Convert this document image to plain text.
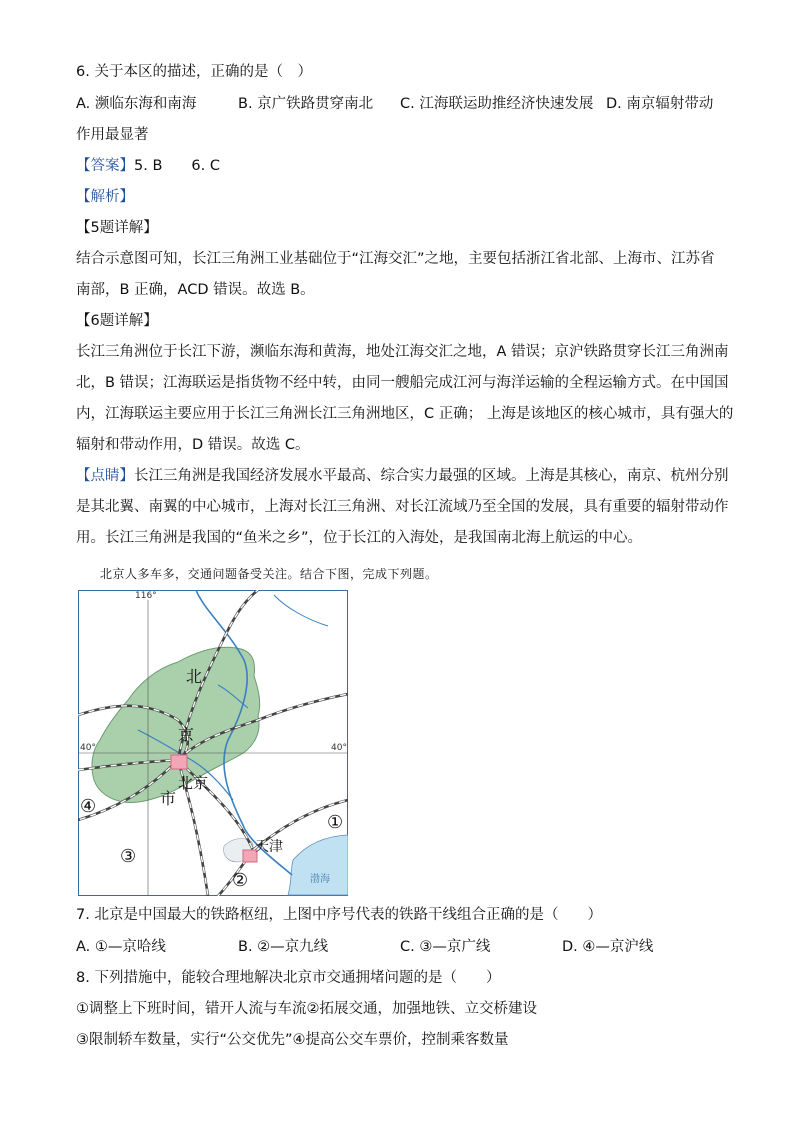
6. 关于本区的描述，正确的是（　）
A. 濒临东海和南海	B. 京广铁路贯穿南北 C. 江海联运助推经济快速发展 D. 南京辐射带动
作用最显著
【答案】5. B　　6. C
【解析】
【5题详解】
结合示意图可知，长江三角洲工业基础位于“江海交汇”之地，主要包括浙江省北部、上海市、江苏省
南部，B 正确，ACD 错误。故选 B。
【6题详解】
长江三角洲位于长江下游，濒临东海和黄海，地处江海交汇之地，A 错误；京沪铁路贯穿长江三角洲南
北，B 错误；江海联运是指货物不经中转，由同一艘船完成江河与海洋运输的全程运输方式。在中国国
内，江海联运主要应用于长江三角洲长江三角洲地区，C 正确； 上海是该地区的核心城市，具有强大的
辐射和带动作用，D 错误。故选 C。
【点睛】长江三角洲是我国经济发展水平最高、综合实力最强的区域。上海是其核心，南京、杭州分别
是其北翼、南翼的中心城市，上海对长江三角洲、对长江流域乃至全国的发展，具有重要的辐射带动作
用。长江三角洲是我国的“鱼米之乡”，位于长江的入海处，是我国南北海上航运的中心。
北京人多车多，交通问题备受关注。结合下图，完成下列题。
116°
40°	40°
北
京
市
北京
天津
渤海
①
②
③
④
7. 北京是中国最大的铁路枢纽，上图中序号代表的铁路干线组合正确的是（　　）
A. ①—京哈线	B. ②—京九线	C. ③—京广线	D. ④—京沪线
8. 下列措施中，能较合理地解决北京市交通拥堵问题的是（　　）
①调整上下班时间，错开人流与车流②拓展交通，加强地铁、立交桥建设
③限制轿车数量，实行“公交优先”④提高公交车票价，控制乘客数量
